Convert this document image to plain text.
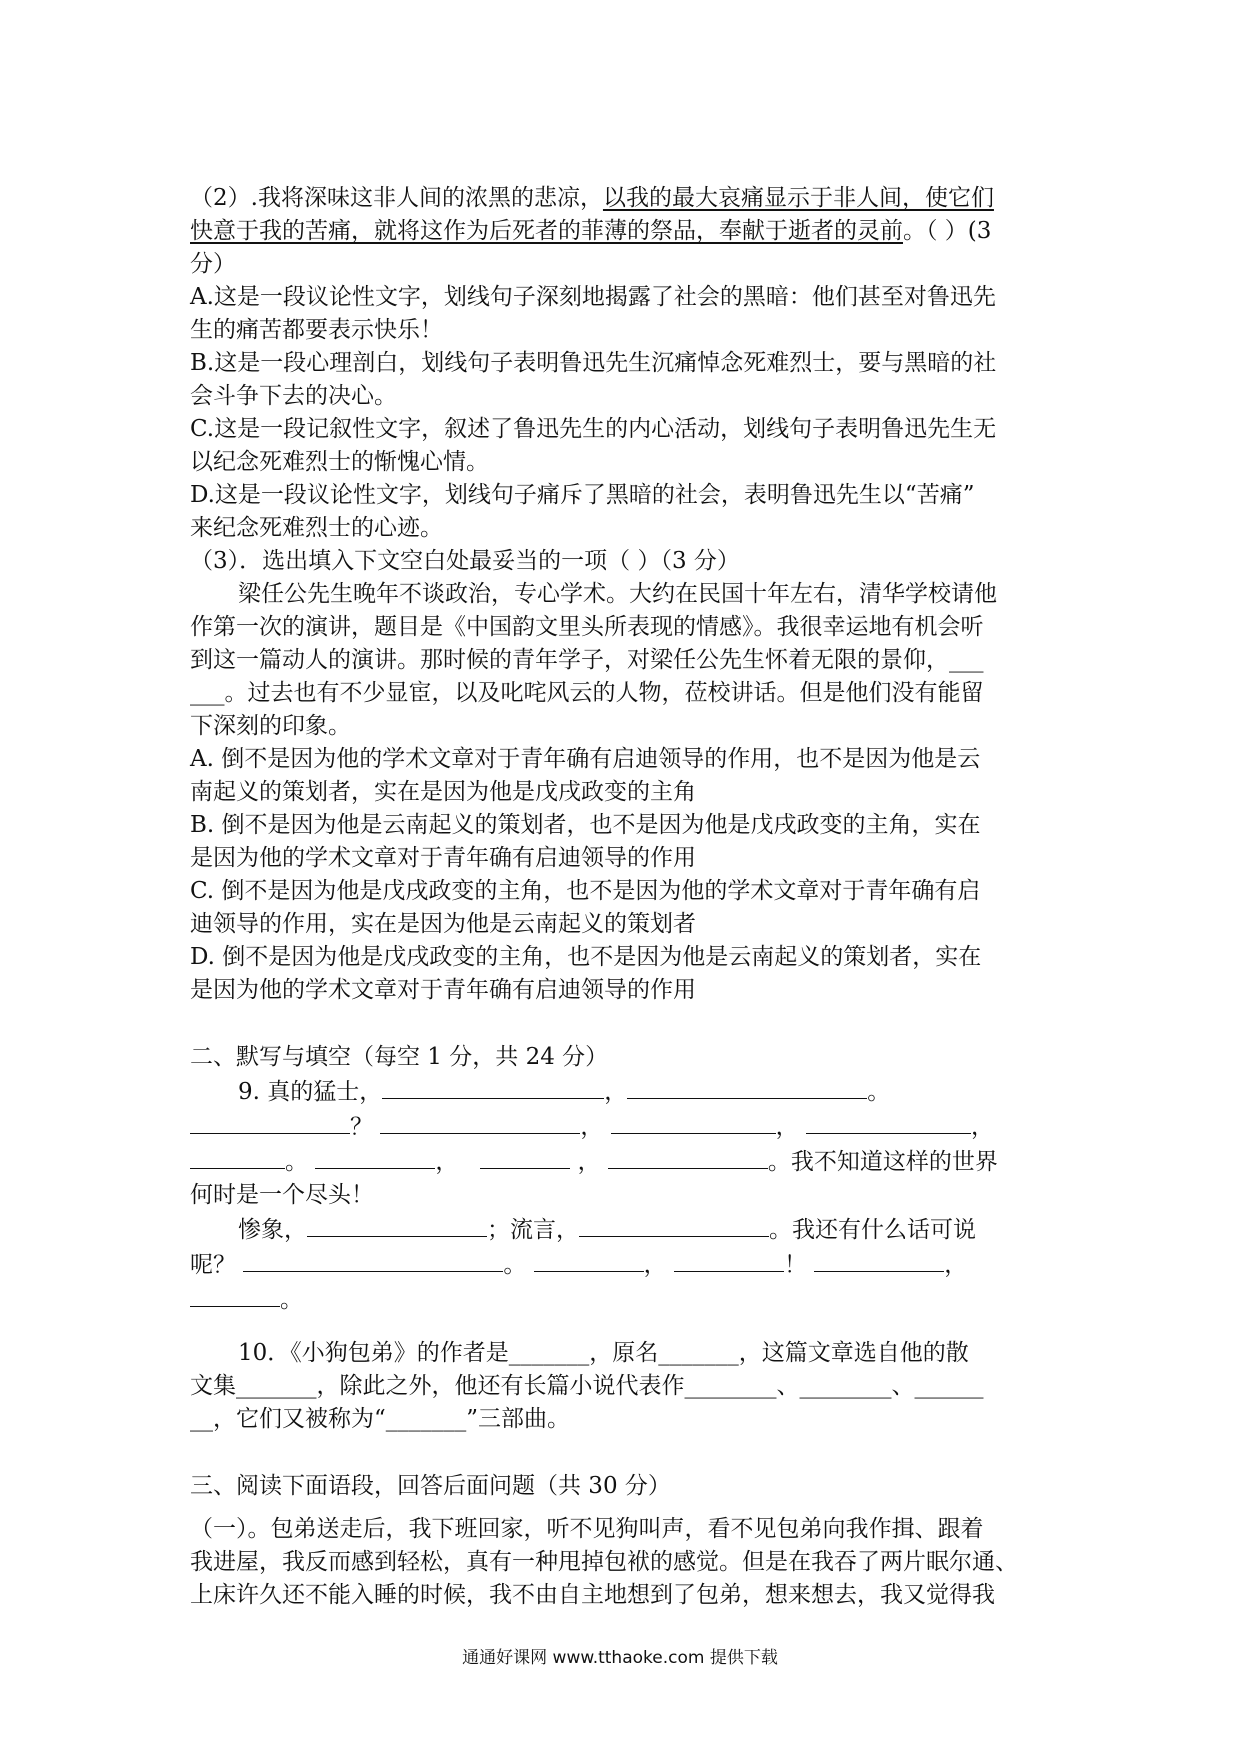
（2）.我将深味这非人间的浓黑的悲凉，以我的最大哀痛显示于非人间，使它们
快意于我的苦痛，就将这作为后死者的菲薄的祭品，奉献于逝者的灵前。（ ）(3
分）
A.这是一段议论性文字，划线句子深刻地揭露了社会的黑暗：他们甚至对鲁迅先
生的痛苦都要表示快乐！
B.这是一段心理剖白，划线句子表明鲁迅先生沉痛悼念死难烈士，要与黑暗的社
会斗争下去的决心。
C.这是一段记叙性文字，叙述了鲁迅先生的内心活动，划线句子表明鲁迅先生无
以纪念死难烈士的惭愧心情。
D.这是一段议论性文字，划线句子痛斥了黑暗的社会，表明鲁迅先生以“苦痛”
来纪念死难烈士的心迹。
（3）．选出填入下文空白处最妥当的一项（ ）（3 分）
梁任公先生晚年不谈政治，专心学术。大约在民国十年左右，清华学校请他
作第一次的演讲，题目是《中国韵文里头所表现的情感》。我很幸运地有机会听
到这一篇动人的演讲。那时候的青年学子，对梁任公先生怀着无限的景仰，___
___。过去也有不少显宦，以及叱咤风云的人物，莅校讲话。但是他们没有能留
下深刻的印象。
A. 倒不是因为他的学术文章对于青年确有启迪领导的作用，也不是因为他是云
南起义的策划者，实在是因为他是戊戌政变的主角
B. 倒不是因为他是云南起义的策划者，也不是因为他是戊戌政变的主角，实在
是因为他的学术文章对于青年确有启迪领导的作用
C. 倒不是因为他是戊戌政变的主角，也不是因为他的学术文章对于青年确有启
迪领导的作用，实在是因为他是云南起义的策划者
D. 倒不是因为他是戊戌政变的主角，也不是因为他是云南起义的策划者，实在
是因为他的学术文章对于青年确有启迪领导的作用
二、默写与填空（每空 1 分，共 24 分）
9. 真的猛士，	，	。
？	，	，	，
。	，	，	。我不知道这样的世界
何时是一个尽头！
惨象，	；流言，	。我还有什么话可说
呢？	。	，	！	，
。
10．《小狗包弟》的作者是_______，原名_______，这篇文章选自他的散
文集_______，除此之外，他还有长篇小说代表作________、________、______
__，它们又被称为“_______”三部曲。
三、阅读下面语段，回答后面问题（共 30 分）
（一）。包弟送走后，我下班回家，听不见狗叫声，看不见包弟向我作揖、跟着
我进屋，我反而感到轻松，真有一种甩掉包袱的感觉。但是在我吞了两片眠尔通、
上床许久还不能入睡的时候，我不由自主地想到了包弟，想来想去，我又觉得我
通通好课网 www.tthaoke.com 提供下载
